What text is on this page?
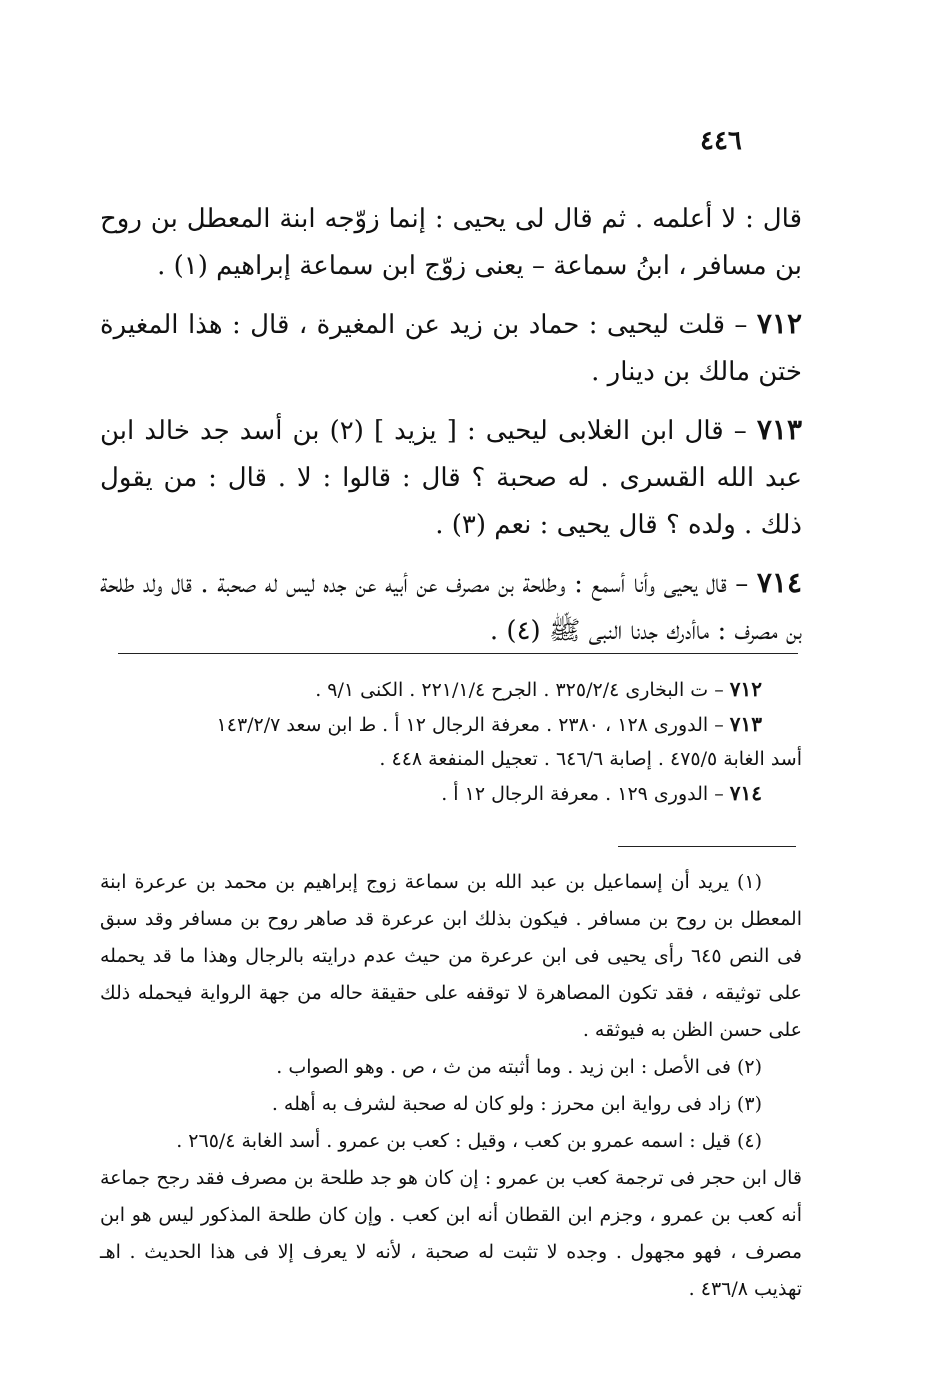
٤٤٦

قال : لا أعلمه . ثم قال لى يحيى : إنما زوّجه ابنة المعطل بن روح بن مسافر ، ابنُ سماعة – يعنى زوّج ابن سماعة إبراهيم (١) .

٧١٢ – قلت ليحيى : حماد بن زيد عن المغيرة ، قال : هذا المغيرة ختن مالك بن دينار .

٧١٣ – قال ابن الغلابى ليحيى : [ يزيد ] (٢) بن أسد جد خالد ابن عبد الله القسرى . له صحبة ؟ قال : قالوا : لا . قال : من يقول ذلك . ولده ؟ قال يحيى : نعم (٣) .

٧١٤ – قال يحيى وأنا أسمع : وطلحة بن مصرف عن أبيه عن جده ليس له صحبة . قال ولد طلحة بن مصرف : ماأدرك جدنا النبى ﷺ (٤) .

٧١٢ – ت البخارى ٣٢٥/٢/٤ . الجرح ٢٢١/١/٤ . الكنى ٩/١ .
٧١٣ – الدورى ١٢٨ ، ٢٣٨٠ . معرفة الرجال ١٢ أ . ط ابن سعد ١٤٣/٢/٧
أسد الغابة ٤٧٥/٥ . إصابة ٦٤٦/٦ . تعجيل المنفعة ٤٤٨ .
٧١٤ – الدورى ١٢٩ . معرفة الرجال ١٢ أ .

(١) يريد أن إسماعيل بن عبد الله بن سماعة زوج إبراهيم بن محمد بن عرعرة ابنة المعطل بن روح بن مسافر . فيكون بذلك ابن عرعرة قد صاهر روح بن مسافر وقد سبق فى النص ٦٤٥ رأى يحيى فى ابن عرعرة من حيث عدم درايته بالرجال وهذا ما قد يحمله على توثيقه ، فقد تكون المصاهرة لا توقفه على حقيقة حاله من جهة الرواية فيحمله ذلك على حسن الظن به فيوثقه .

(٢) فى الأصل : ابن زيد . وما أثبته من ث ، ص . وهو الصواب .

(٣) زاد فى رواية ابن محرز : ولو كان له صحبة لشرف به أهله .

(٤) قيل : اسمه عمرو بن كعب ، وقيل : كعب بن عمرو . أسد الغابة ٢٦٥/٤ .

قال ابن حجر فى ترجمة كعب بن عمرو : إن كان هو جد طلحة بن مصرف فقد رجح جماعة أنه كعب بن عمرو ، وجزم ابن القطان أنه ابن كعب . وإن كان طلحة المذكور ليس هو ابن مصرف ، فهو مجهول . وجده لا تثبت له صحبة ، لأنه لا يعرف إلا فى هذا الحديث . اهـ تهذيب ٤٣٦/٨ .
